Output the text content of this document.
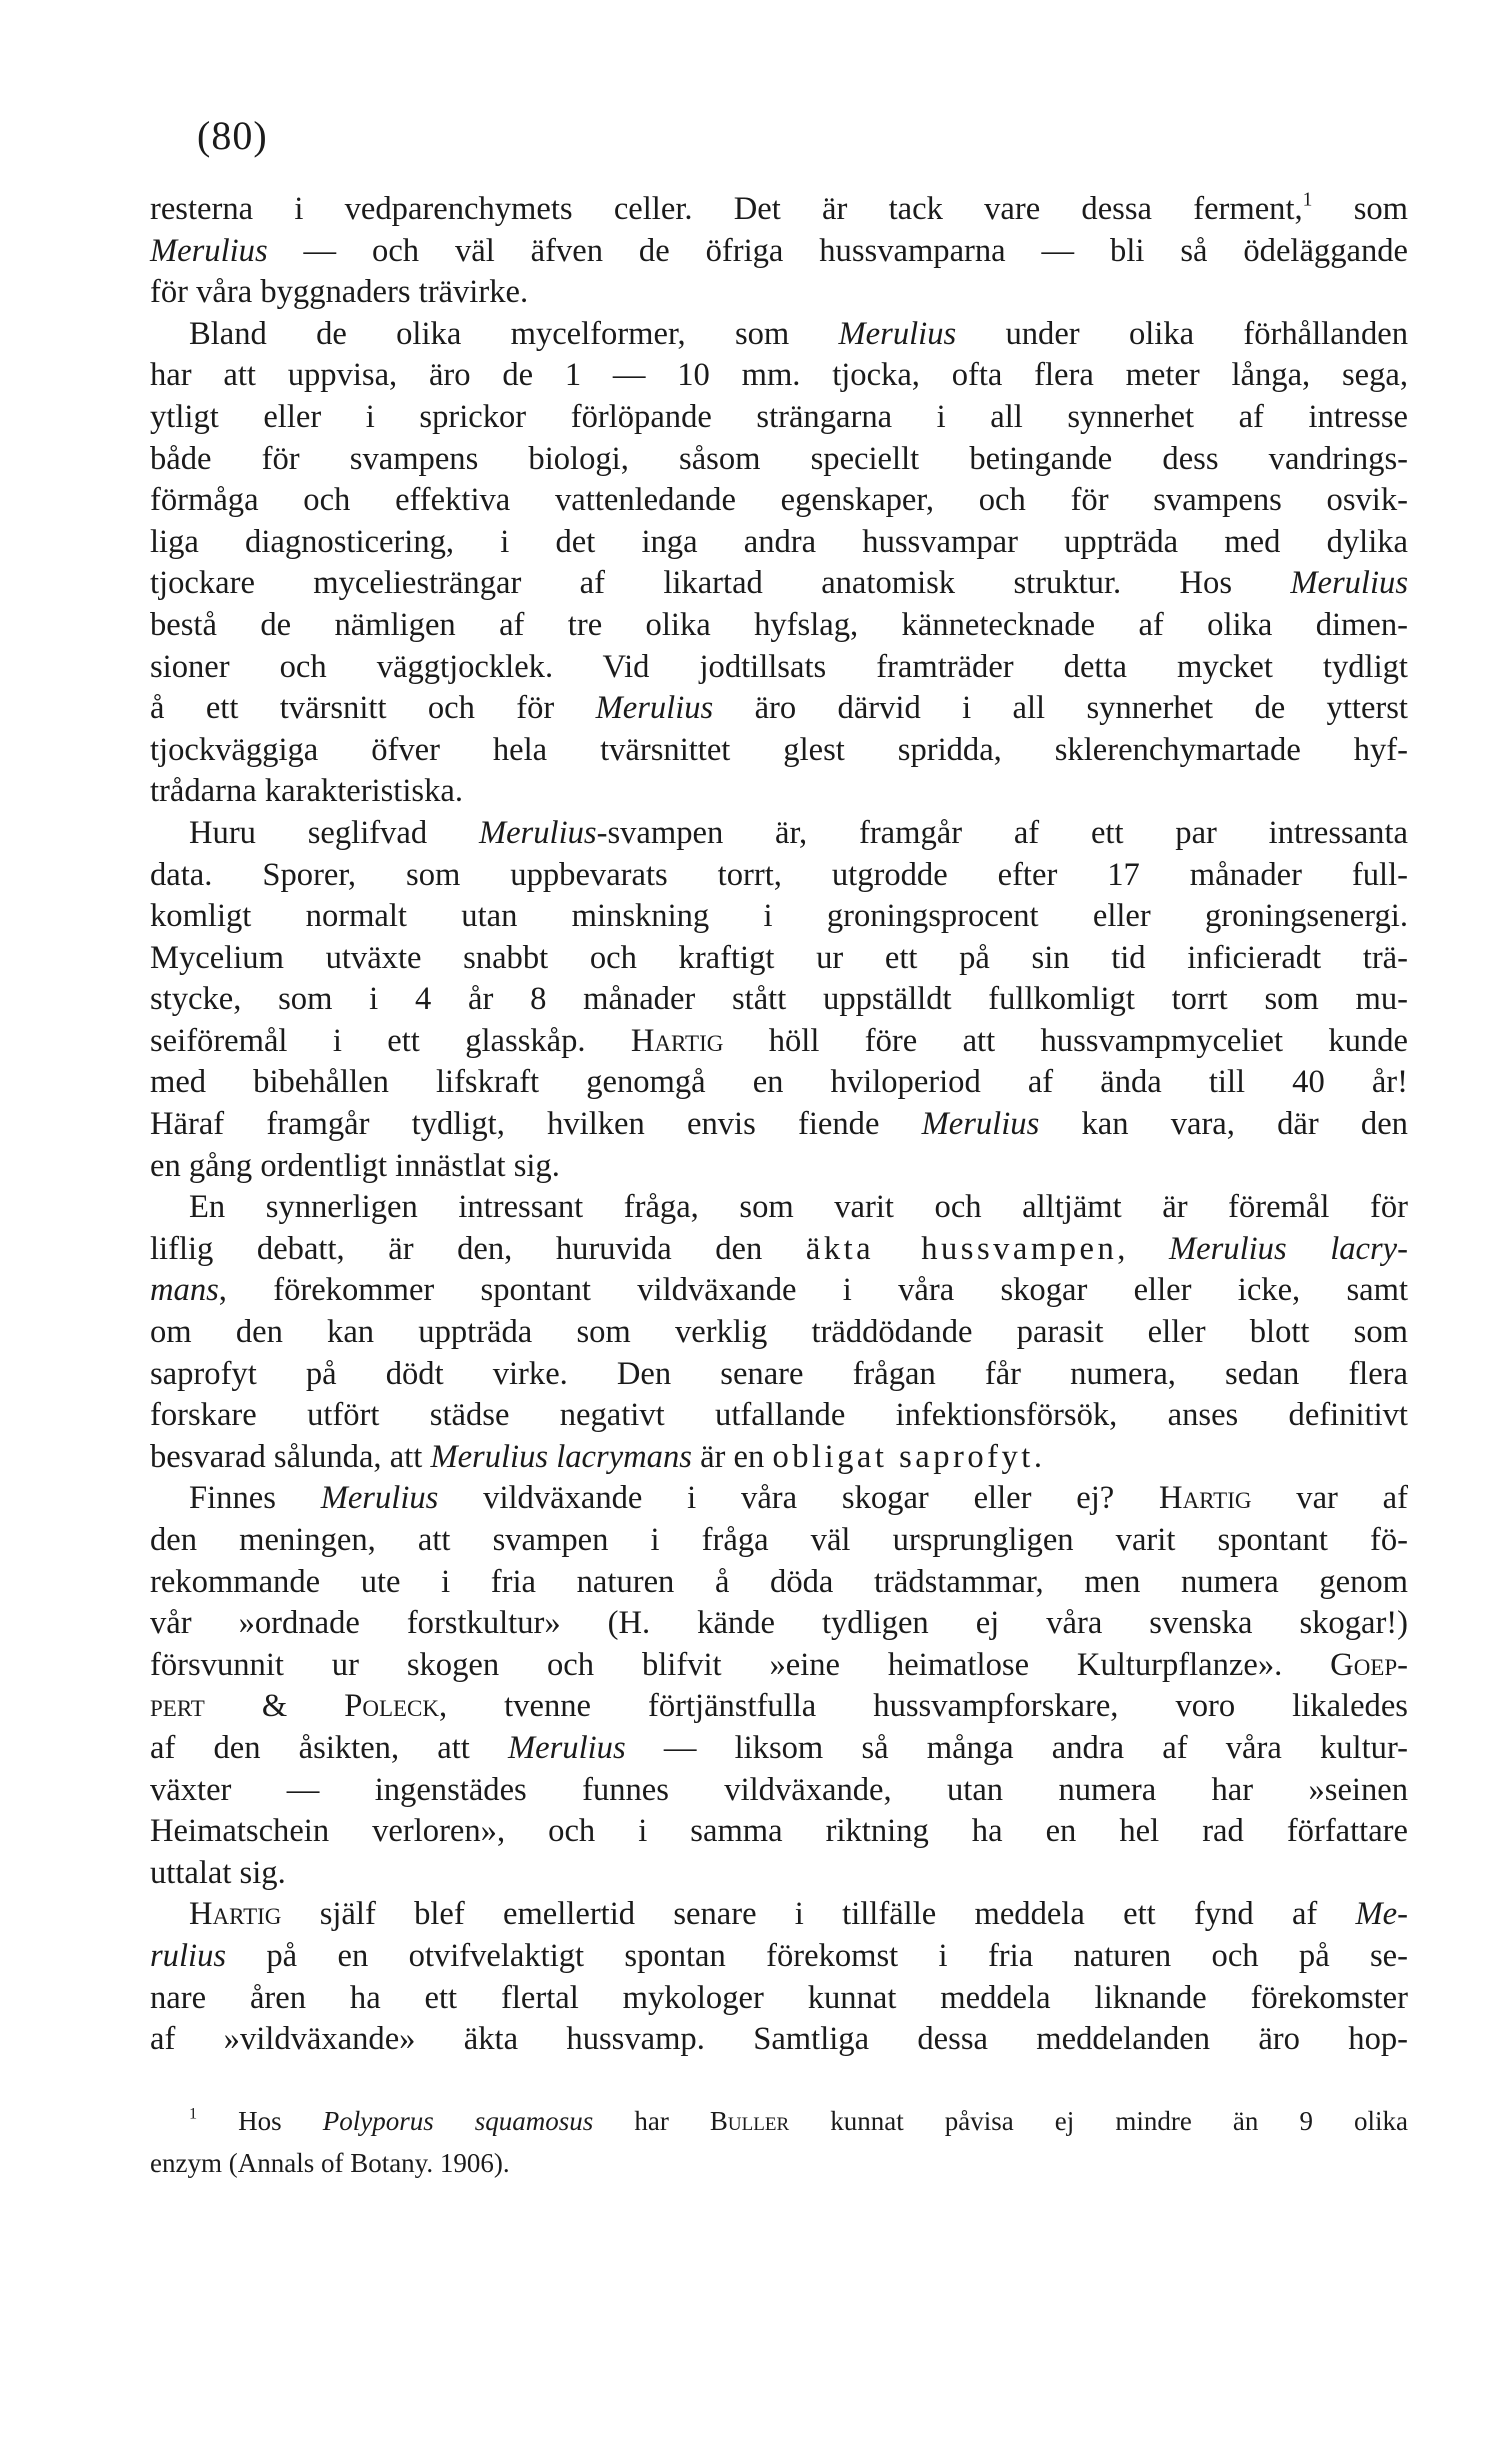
(80)
resterna i vedparenchymets celler. Det är tack vare dessa ferment,$^1$ som
Merulius — och väl äfven de öfriga hussvamparna — bli så ödeläggande
för våra byggnaders trävirke.
Bland de olika mycelformer, som Merulius under olika förhållanden
har att uppvisa, äro de 1 — 10 mm. tjocka, ofta flera meter långa, sega,
ytligt eller i sprickor förlöpande strängarna i all synnerhet af intresse
både för svampens biologi, såsom speciellt betingande dess vandrings-
förmåga och effektiva vattenledande egenskaper, och för svampens osvik-
liga diagnosticering, i det inga andra hussvampar uppträda med dylika
tjockare myceliesträngar af likartad anatomisk struktur. Hos Merulius
bestå de nämligen af tre olika hyfslag, kännetecknade af olika dimen-
sioner och väggtjocklek. Vid jodtillsats framträder detta mycket tydligt
å ett tvärsnitt och för Merulius äro därvid i all synnerhet de ytterst
tjockväggiga öfver hela tvärsnittet glest spridda, sklerenchymartade hyf-
trådarna karakteristiska.
Huru seglifvad Merulius-svampen är, framgår af ett par intressanta
data. Sporer, som uppbevarats torrt, utgrodde efter 17 månader full-
komligt normalt utan minskning i groningsprocent eller groningsenergi.
Mycelium utväxte snabbt och kraftigt ur ett på sin tid inficieradt trä-
stycke, som i 4 år 8 månader stått uppställdt fullkomligt torrt som mu-
seiföremål i ett glasskåp. Hartig höll före att hussvampmyceliet kunde
med bibehållen lifskraft genomgå en hviloperiod af ända till 40 år!
Häraf framgår tydligt, hvilken envis fiende Merulius kan vara, där den
en gång ordentligt innästlat sig.
En synnerligen intressant fråga, som varit och alltjämt är föremål för
liflig debatt, är den, huruvida den äkta hussvampen, Merulius lacry-
mans, förekommer spontant vildväxande i våra skogar eller icke, samt
om den kan uppträda som verklig träddödande parasit eller blott som
saprofyt på dödt virke. Den senare frågan får numera, sedan flera
forskare utfört städse negativt utfallande infektionsförsök, anses definitivt
besvarad sålunda, att Merulius lacrymans är en obligat saprofyt.
Finnes Merulius vildväxande i våra skogar eller ej? Hartig var af
den meningen, att svampen i fråga väl ursprungligen varit spontant fö-
rekommande ute i fria naturen å döda trädstammar, men numera genom
vår »ordnade forstkultur» (H. kände tydligen ej våra svenska skogar!)
försvunnit ur skogen och blifvit »eine heimatlose Kulturpflanze». Goep-
pert & Poleck, tvenne förtjänstfulla hussvampforskare, voro likaledes
af den åsikten, att Merulius — liksom så många andra af våra kultur-
växter — ingenstädes funnes vildväxande, utan numera har »seinen
Heimatschein verloren», och i samma riktning ha en hel rad författare
uttalat sig.
Hartig själf blef emellertid senare i tillfälle meddela ett fynd af Me-
rulius på en otvifvelaktigt spontan förekomst i fria naturen och på se-
nare åren ha ett flertal mykologer kunnat meddela liknande förekomster
af »vildväxande» äkta hussvamp. Samtliga dessa meddelanden äro hop-
$^1$ Hos Polyporus squamosus har Buller kunnat påvisa ej mindre än 9 olika
enzym (Annals of Botany. 1906).
